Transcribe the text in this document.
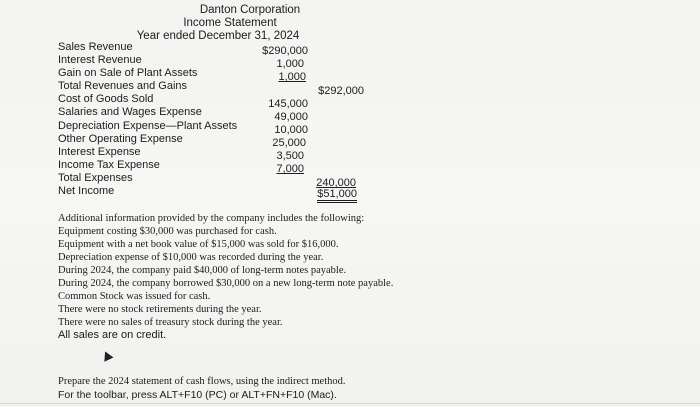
Danton Corporation
Income Statement
Year ended December 31, 2024
Sales Revenue	$290,000
Interest Revenue	1,000
Gain on Sale of Plant Assets	1,000
Total Revenues and Gains	$292,000
Cost of Goods Sold	145,000
Salaries and Wages Expense	49,000
Depreciation Expense—Plant Assets	10,000
Other Operating Expense	25,000
Interest Expense	3,500
Income Tax Expense	7,000
Total Expenses	240,000
Net Income	$51,000
Additional information provided by the company includes the following:
Equipment costing $30,000 was purchased for cash.
Equipment with a net book value of $15,000 was sold for $16,000.
Depreciation expense of $10,000 was recorded during the year.
During 2024, the company paid $40,000 of long-term notes payable.
During 2024, the company borrowed $30,000 on a new long-term note payable.
Common Stock was issued for cash.
There were no stock retirements during the year.
There were no sales of treasury stock during the year.
All sales are on credit.
Prepare the 2024 statement of cash flows, using the indirect method.
For the toolbar, press ALT+F10 (PC) or ALT+FN+F10 (Mac).
